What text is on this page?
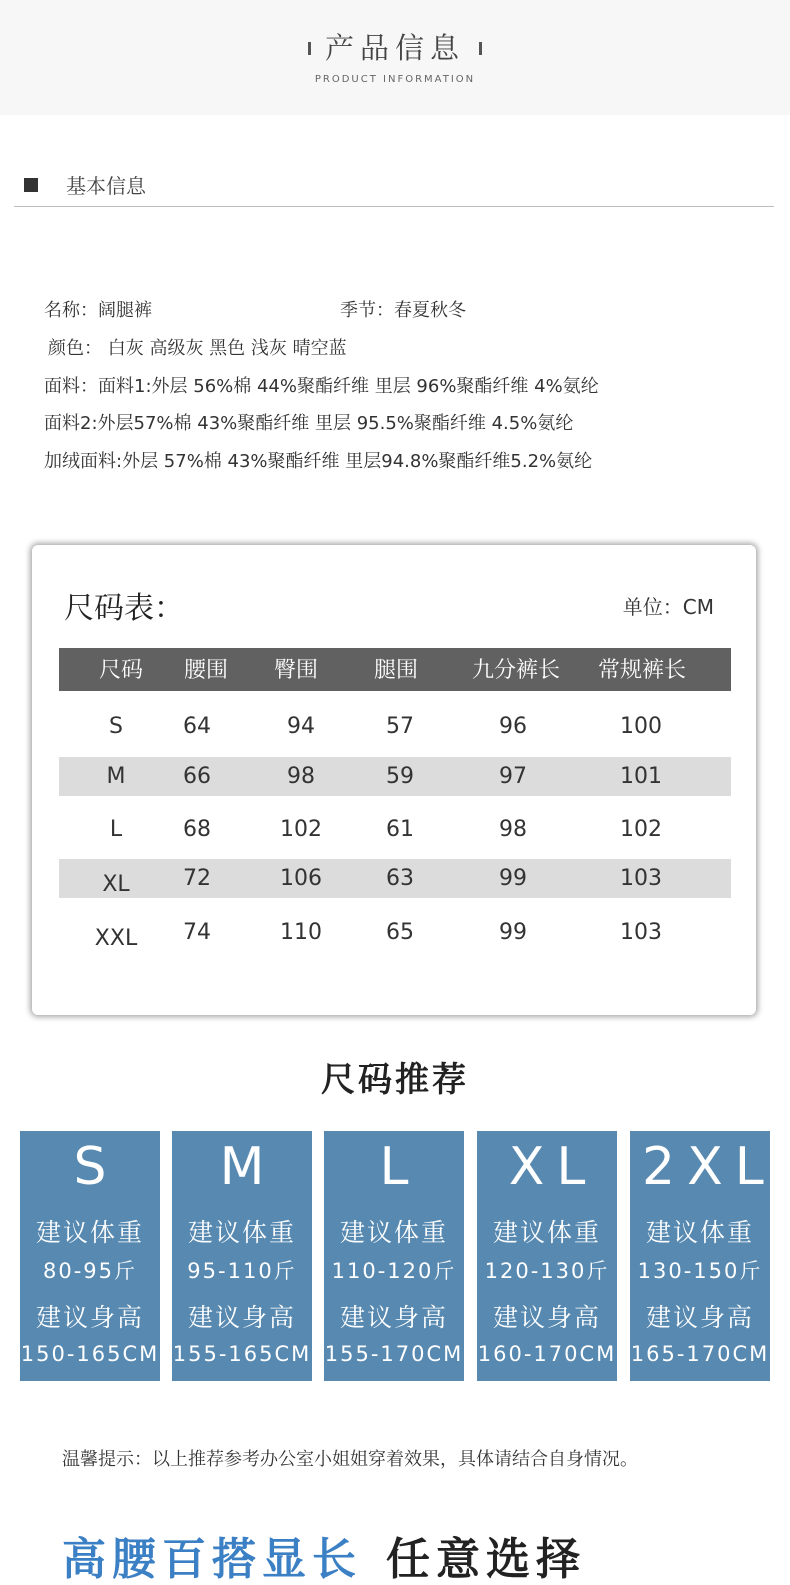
产品信息
PRODUCT INFORMATION
基本信息
名称：阔腿裤	季节：春夏秋冬
颜色： 白灰 高级灰 黑色 浅灰 晴空蓝
面料：面料1:外层 56%棉 44%聚酯纤维 里层 96%聚酯纤维 4%氨纶
面料2:外层57%棉 43%聚酯纤维 里层 95.5%聚酯纤维 4.5%氨纶
加绒面料:外层 57%棉 43%聚酯纤维 里层94.8%聚酯纤维5.2%氨纶
尺码表：	单位：CM
尺码 腰围 臀围	腿围 九分裤长 常规裤长
S	64	94	57	96	100
M	66	98	59	97	101
L	68	102	61	98	102
XL 72	106	63	99	103
XXL 74	110	65	99	103
尺码推荐
S
建议体重
80-95斤
建议身高
150-165CM
M
建议体重
95-110斤
建议身高
155-165CM
L
建议体重
110-120斤
建议身高
155-170CM
XL
建议体重
120-130斤
建议身高
160-170CM
2XL
建议体重
130-150斤
建议身高
165-170CM
温馨提示：以上推荐参考办公室小姐姐穿着效果，具体请结合自身情况。
高腰百搭显长 任意选择
